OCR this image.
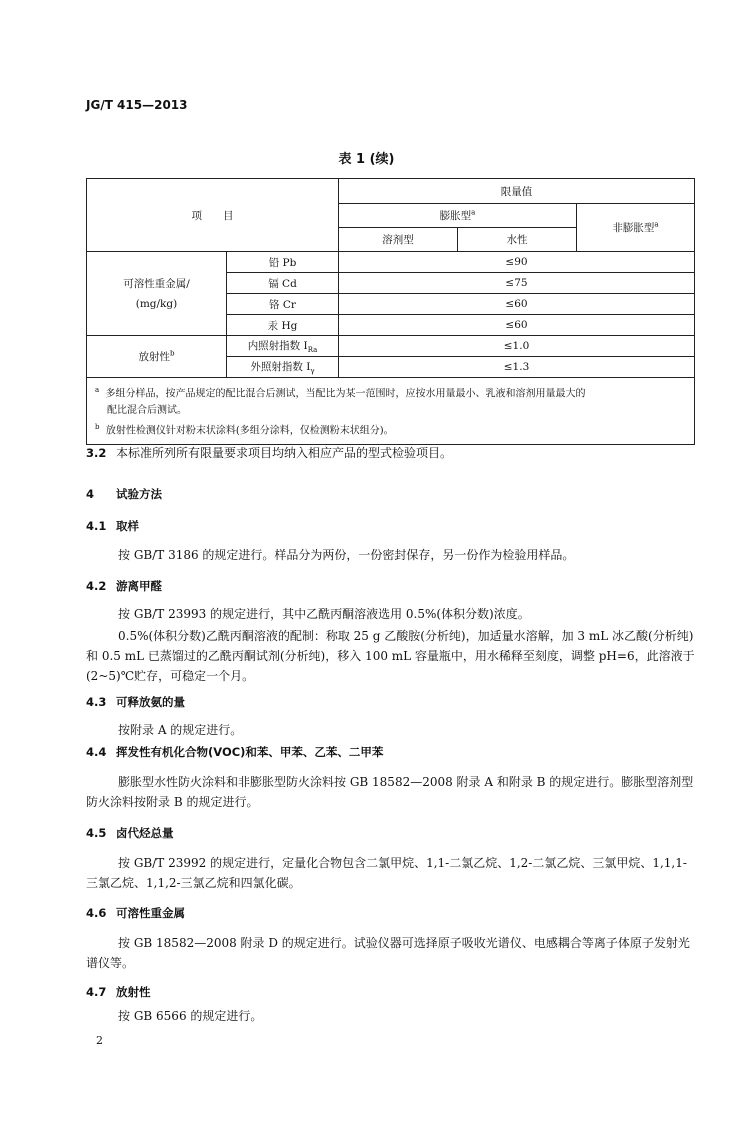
JG/T 415—2013
表 1 (续)
项　　目		限量值		
		膨胀型$^a$		非膨胀型$^a$
		溶剂型	水性	
可溶性重金属/
(mg/kg)	铅 Pb	≤90		
	镉 Cd	≤75		
	铬 Cr	≤60		
	汞 Hg	≤60		
放射性$^b$	内照射指数 $I_{Ra}$	≤1.0		
	外照射指数 $I_\gamma$	≤1.3		

$^a$ 多组分样品，按产品规定的配比混合后测试，当配比为某一范围时，应按水用量最小、乳液和溶剂用量最大的
配比混合后测试。
$^b$ 放射性检测仪针对粉末状涂料(多组分涂料，仅检测粉末状组分)。				
3.2 本标准所列所有限量要求项目均纳入相应产品的型式检验项目。
4 试验方法
4.1 取样
按 GB/T 3186 的规定进行。样品分为两份，一份密封保存，另一份作为检验用样品。
4.2 游离甲醛
按 GB/T 23993 的规定进行，其中乙酰丙酮溶液选用 0.5%(体积分数)浓度。
0.5%(体积分数)乙酰丙酮溶液的配制：称取 25 g 乙酸胺(分析纯)，加适量水溶解，加 3 mL 冰乙酸(分析纯)和 0.5 mL 已蒸馏过的乙酰丙酮试剂(分析纯)，移入 100 mL 容量瓶中，用水稀释至刻度，调整 pH=6，此溶液于(2~5)℃贮存，可稳定一个月。
4.3 可释放氨的量
按附录 A 的规定进行。
4.4 挥发性有机化合物(VOC)和苯、甲苯、乙苯、二甲苯
膨胀型水性防火涂料和非膨胀型防火涂料按 GB 18582—2008 附录 A 和附录 B 的规定进行。膨胀型溶剂型防火涂料按附录 B 的规定进行。
4.5 卤代烃总量
按 GB/T 23992 的规定进行，定量化合物包含二氯甲烷、1,1-二氯乙烷、1,2-二氯乙烷、三氯甲烷、1,1,1-三氯乙烷、1,1,2-三氯乙烷和四氯化碳。
4.6 可溶性重金属
按 GB 18582—2008 附录 D 的规定进行。试验仪器可选择原子吸收光谱仪、电感耦合等离子体原子发射光谱仪等。
4.7 放射性
按 GB 6566 的规定进行。
2
